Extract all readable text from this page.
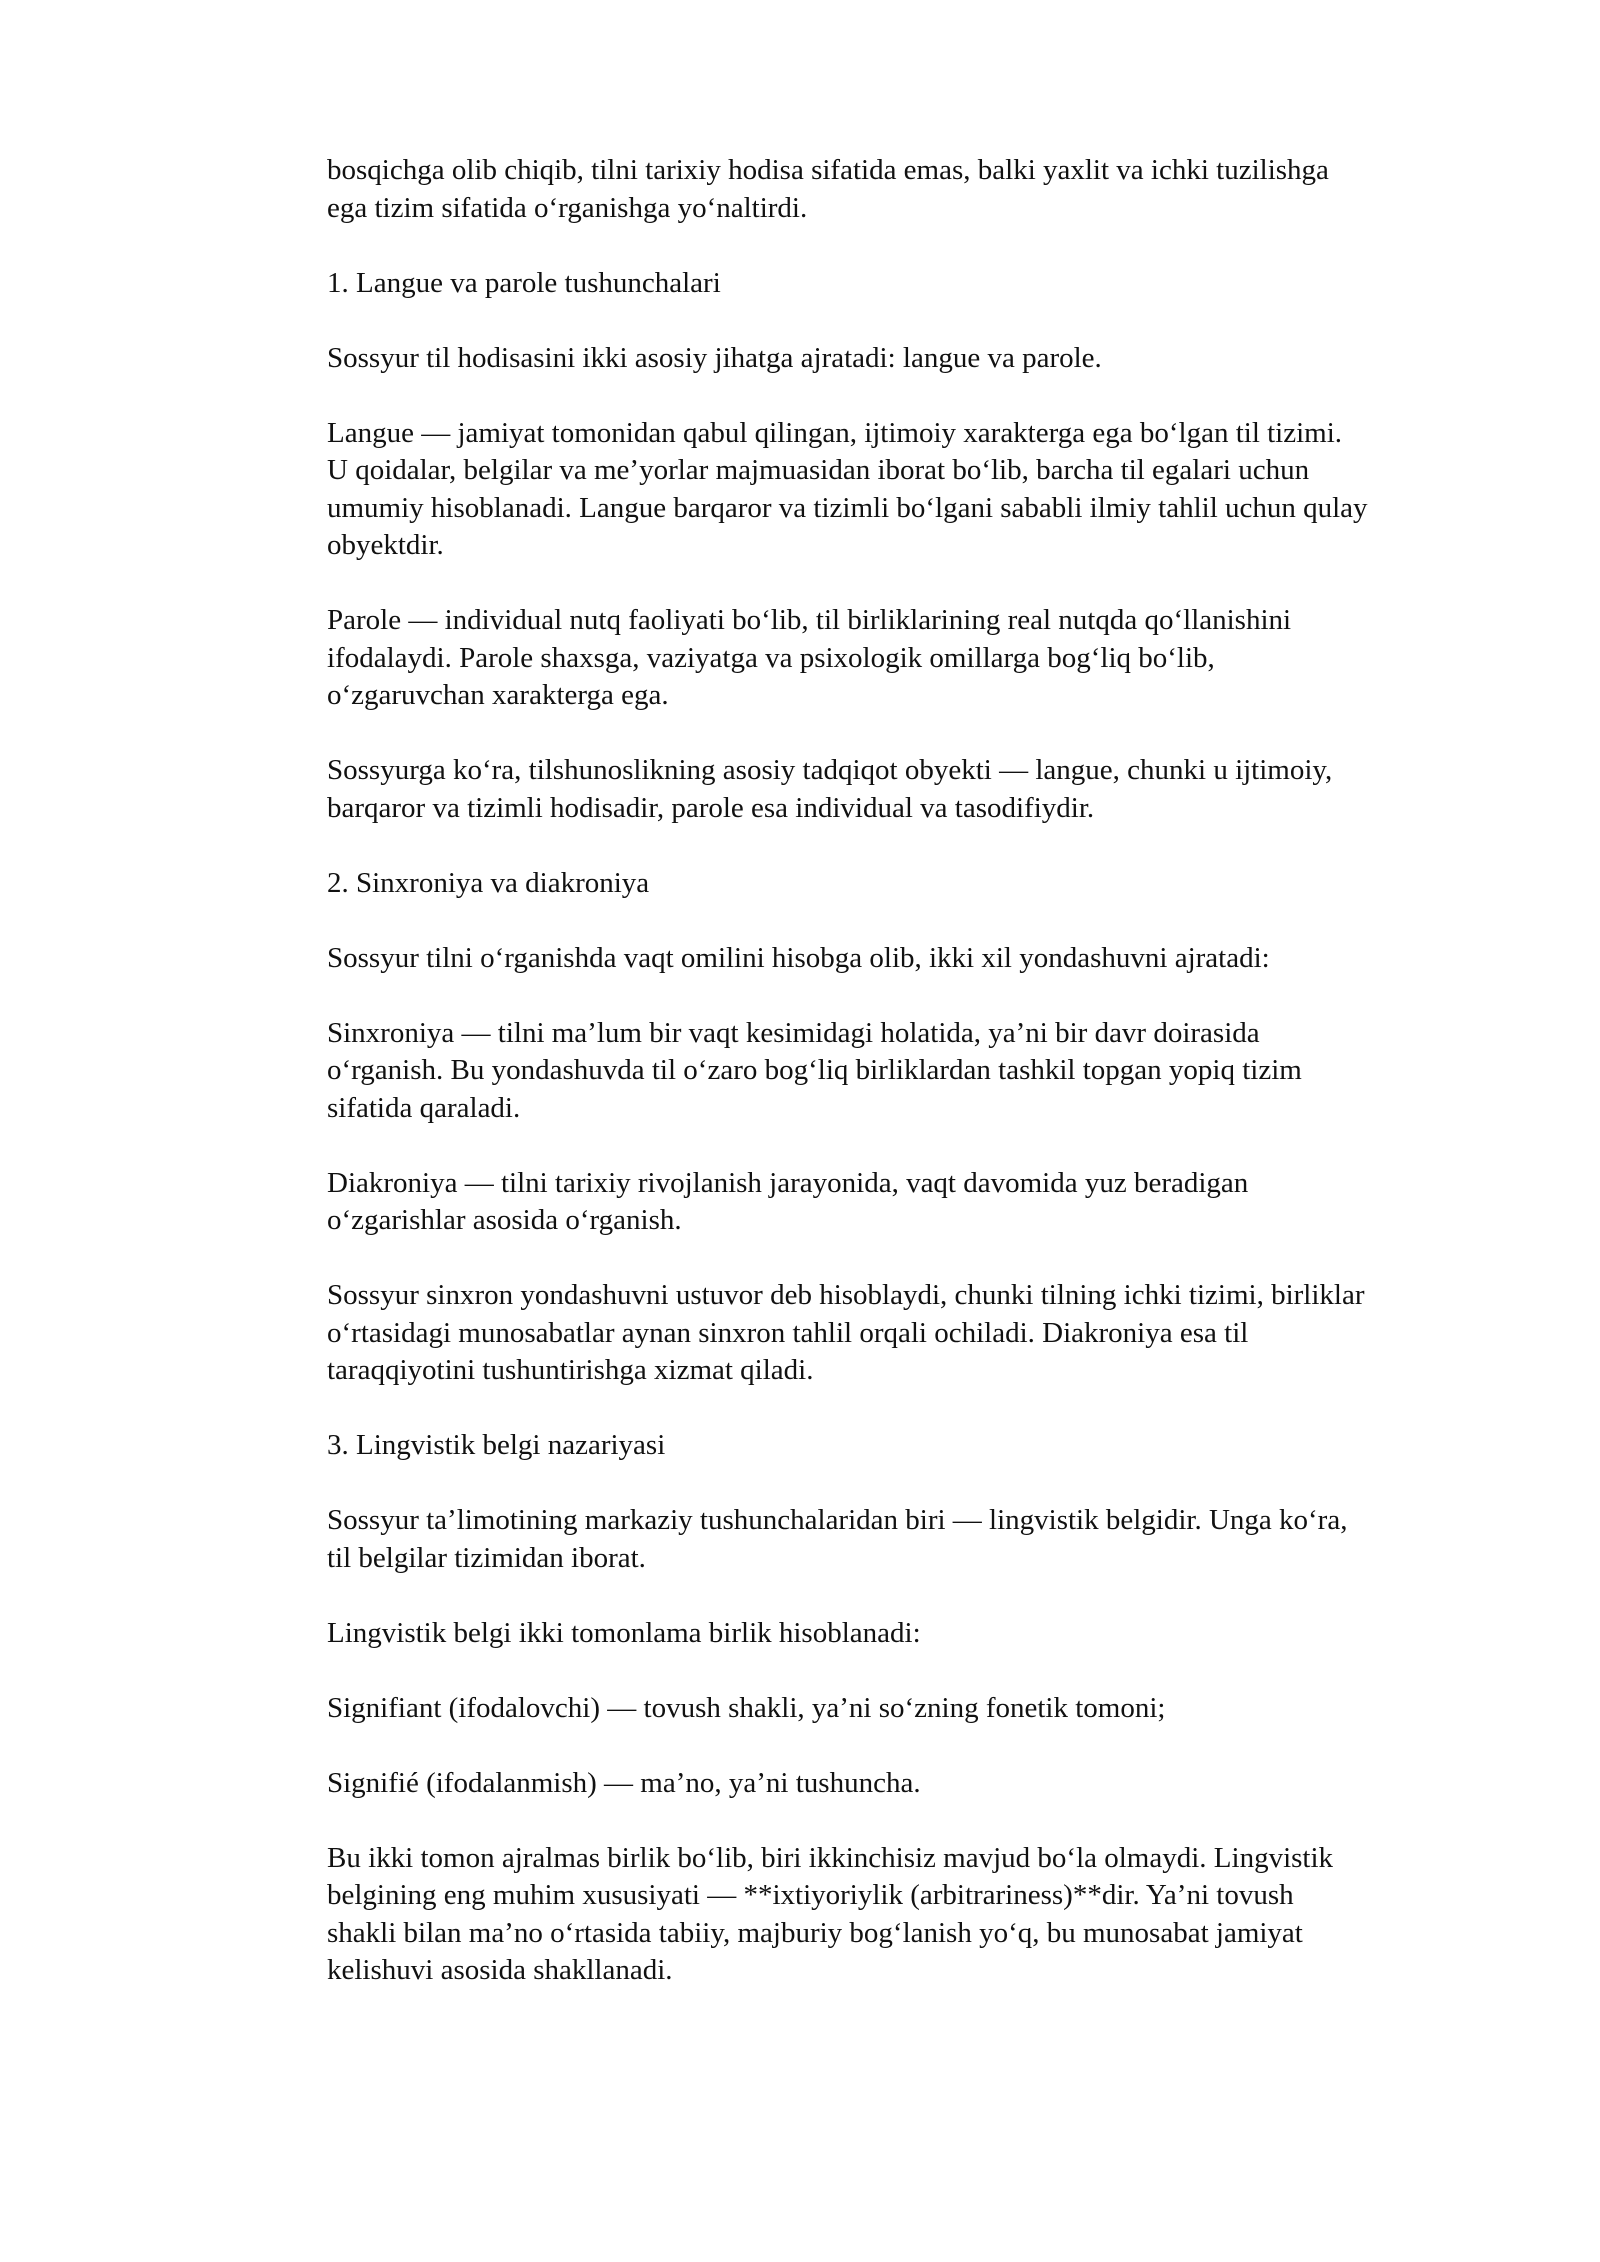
bosqichga olib chiqib, tilni tarixiy hodisa sifatida emas, balki yaxlit va ichki tuzilishga
ega tizim sifatida o‘rganishga yo‘naltirdi.

1. Langue va parole tushunchalari

Sossyur til hodisasini ikki asosiy jihatga ajratadi: langue va parole.

Langue — jamiyat tomonidan qabul qilingan, ijtimoiy xarakterga ega bo‘lgan til tizimi.
U qoidalar, belgilar va me’yorlar majmuasidan iborat bo‘lib, barcha til egalari uchun
umumiy hisoblanadi. Langue barqaror va tizimli bo‘lgani sababli ilmiy tahlil uchun qulay
obyektdir.

Parole — individual nutq faoliyati bo‘lib, til birliklarining real nutqda qo‘llanishini
ifodalaydi. Parole shaxsga, vaziyatga va psixologik omillarga bog‘liq bo‘lib,
o‘zgaruvchan xarakterga ega.

Sossyurga ko‘ra, tilshunoslikning asosiy tadqiqot obyekti — langue, chunki u ijtimoiy,
barqaror va tizimli hodisadir, parole esa individual va tasodifiydir.

2. Sinxroniya va diakroniya

Sossyur tilni o‘rganishda vaqt omilini hisobga olib, ikki xil yondashuvni ajratadi:

Sinxroniya — tilni ma’lum bir vaqt kesimidagi holatida, ya’ni bir davr doirasida
o‘rganish. Bu yondashuvda til o‘zaro bog‘liq birliklardan tashkil topgan yopiq tizim
sifatida qaraladi.

Diakroniya — tilni tarixiy rivojlanish jarayonida, vaqt davomida yuz beradigan
o‘zgarishlar asosida o‘rganish.

Sossyur sinxron yondashuvni ustuvor deb hisoblaydi, chunki tilning ichki tizimi, birliklar
o‘rtasidagi munosabatlar aynan sinxron tahlil orqali ochiladi. Diakroniya esa til
taraqqiyotini tushuntirishga xizmat qiladi.

3. Lingvistik belgi nazariyasi

Sossyur ta’limotining markaziy tushunchalaridan biri — lingvistik belgidir. Unga ko‘ra,
til belgilar tizimidan iborat.

Lingvistik belgi ikki tomonlama birlik hisoblanadi:

Signifiant (ifodalovchi) — tovush shakli, ya’ni so‘zning fonetik tomoni;

Signifié (ifodalanmish) — ma’no, ya’ni tushuncha.

Bu ikki tomon ajralmas birlik bo‘lib, biri ikkinchisiz mavjud bo‘la olmaydi. Lingvistik
belgining eng muhim xususiyati — **ixtiyoriylik (arbitrariness)**dir. Ya’ni tovush
shakli bilan ma’no o‘rtasida tabiiy, majburiy bog‘lanish yo‘q, bu munosabat jamiyat
kelishuvi asosida shakllanadi.
